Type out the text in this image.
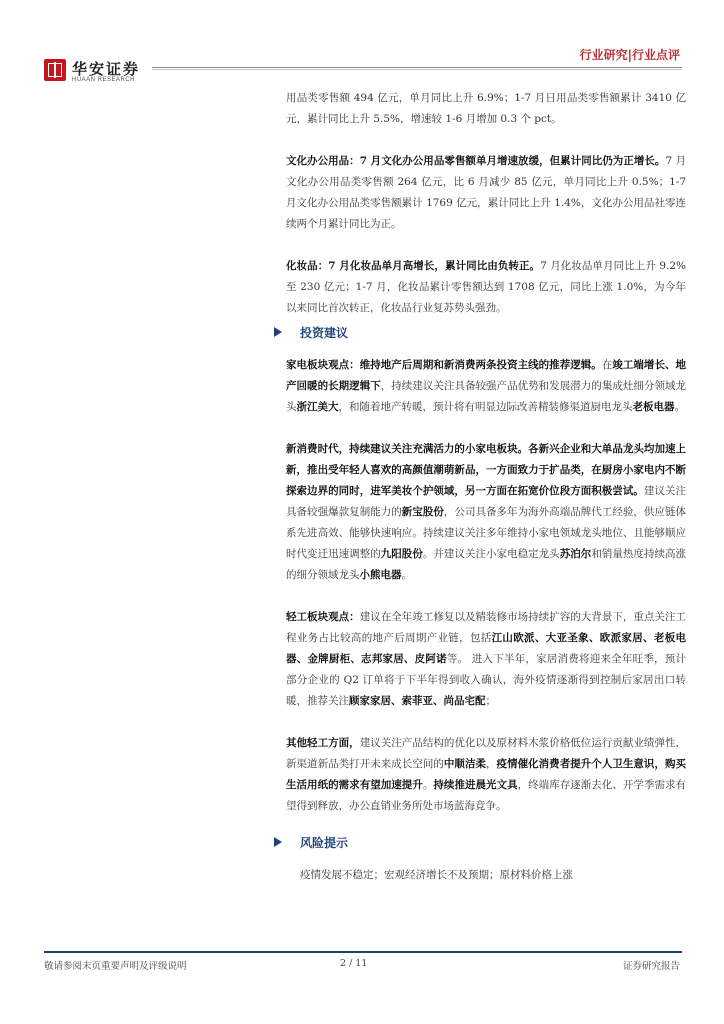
华安证券
HUAAN RESEARCH
行业研究|行业点评

用品类零售额 494 亿元，单月同比上升 6.9%；1-7 月日用品类零售额累计 3410 亿元，累计同比上升 5.5%，增速较 1-6 月增加 0.3 个 pct。

文化办公用品：7 月文化办公用品零售额单月增速放缓，但累计同比仍为正增长。7 月文化办公用品类零售额 264 亿元，比 6 月减少 85 亿元，单月同比上升 0.5%；1-7 月文化办公用品类零售额累计 1769 亿元，累计同比上升 1.4%，文化办公用品社零连续两个月累计同比为正。

化妆品：7 月化妆品单月高增长，累计同比由负转正。7 月化妆品单月同比上升 9.2%至 230 亿元；1-7 月，化妆品累计零售额达到 1708 亿元，同比上涨 1.0%，为今年以来同比首次转正，化妆品行业复苏势头强劲。

投资建议

家电板块观点：维持地产后周期和新消费两条投资主线的推荐逻辑。在竣工端增长、地产回暖的长期逻辑下，持续建议关注具备较强产品优势和发展潜力的集成灶细分领域龙头浙江美大，和随着地产转暖，预计将有明显边际改善精装修渠道厨电龙头老板电器。

新消费时代，持续建议关注充满活力的小家电板块。各新兴企业和大单品龙头均加速上新，推出受年轻人喜欢的高颜值潮萌新品，一方面致力于扩品类，在厨房小家电内不断探索边界的同时，进军美妆个护领域，另一方面在拓宽价位段方面积极尝试。建议关注具备较强爆款复制能力的新宝股份，公司具备多年为海外高端品牌代工经验，供应链体系先进高效、能够快速响应。持续建议关注多年维持小家电领域龙头地位、且能够顺应时代变迁迅速调整的九阳股份。并建议关注小家电稳定龙头苏泊尔和销量热度持续高涨的细分领域龙头小熊电器。

轻工板块观点：建议在全年竣工修复以及精装修市场持续扩容的大背景下，重点关注工程业务占比较高的地产后周期产业链，包括江山欧派、大亚圣象、欧派家居、老板电器、金牌厨柜、志邦家居、皮阿诺等。 进入下半年，家居消费将迎来全年旺季，预计部分企业的 Q2 订单将于下半年得到收入确认，海外疫情逐渐得到控制后家居出口转暖，推荐关注顾家家居、索菲亚、尚品宅配；

其他轻工方面，建议关注产品结构的优化以及原材料木浆价格低位运行贡献业绩弹性，新渠道新品类打开未来成长空间的中顺洁柔，疫情催化消费者提升个人卫生意识，购买生活用纸的需求有望加速提升。持续推进晨光文具，终端库存逐渐去化、开学季需求有望得到释放，办公直销业务所处市场蓝海竞争。

风险提示

疫情发展不稳定；宏观经济增长不及预期；原材料价格上涨

敬请参阅末页重要声明及评级说明	2 / 11	证券研究报告
